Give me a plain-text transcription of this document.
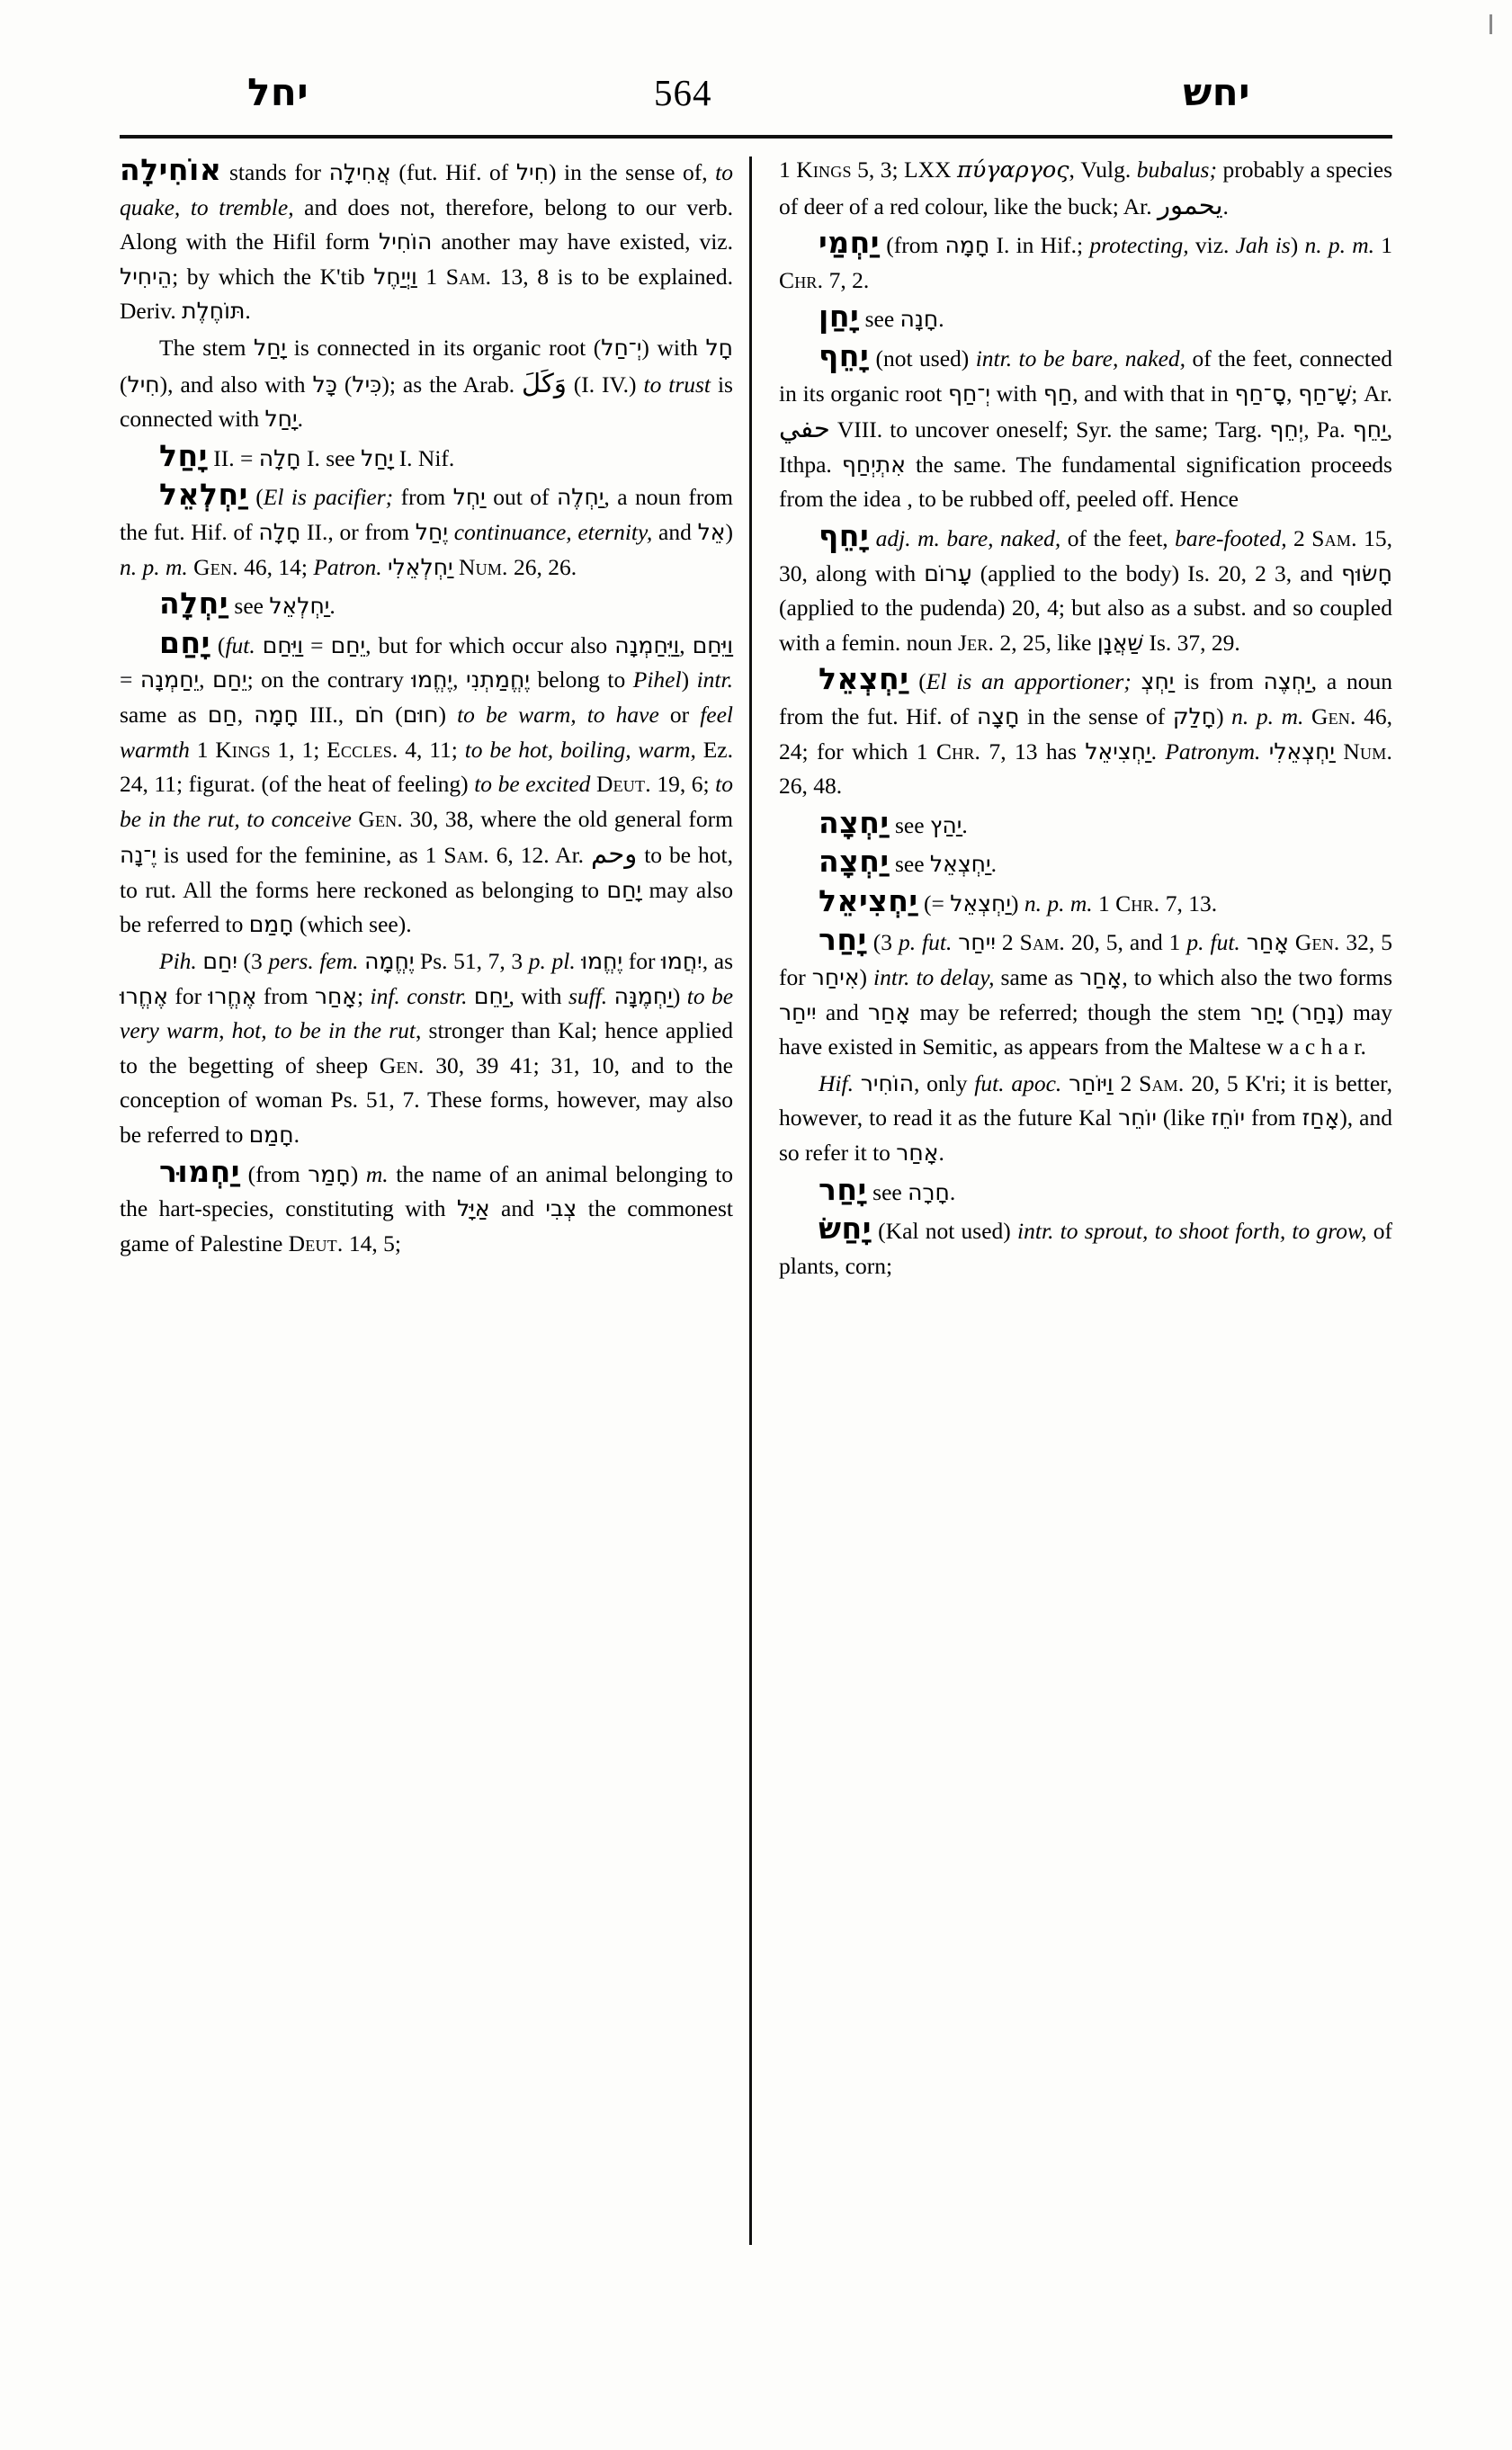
יחל	564	יחש

אוֹחִילָה stands for אֲחִילָה (fut. Hif. of חִיל) in the sense of, to quake, to tremble, and does not, therefore, belong to our verb. Along with the Hifil form הוֹחִיל another may have existed, viz. הֵיחִיל; by which the K'tib וַיְיַחֶל 1 Sam. 13, 8 is to be explained. Deriv. תּוֹחֶלֶת.

The stem יָחַל is connected in its organic root (יְ־חַל) with חָל (חִיל), and also with כָּל (כִּיל); as the Arab. وَكَلَ (I. IV.) to trust is connected with יָחַל.

יָחַל II. = חָלָה I. see יָחַל I. Nif.

יַחְלְאֵל (El is pacifier; from יַחְל out of יַחְלֶה, a noun from the fut. Hif. of חָלָה II., or from יֶחַל continuance, eternity, and אֵל) n. p. m. Gen. 46, 14; Patron. יַחְלְאֵלִי Num. 26, 26.

יַחְלָה see יַחְלְאֵל.

יָחַם (fut. וַיֵּחַם = יֵחַם, but for which occur also וַיֵּחַמְנָה, וַיֵּחַם = יֵחַמְנָה, יֵחַם; on the contrary יֶחֱמוּ, יֶחֱמַתְנִי belong to Pihel) intr. same as חַם, חָמָה III., חֹם (חוּם) to be warm, to have or feel warmth 1 Kings 1, 1; Eccles. 4, 11; to be hot, boiling, warm, Ez. 24, 11; figurat. (of the heat of feeling) to be excited Deut. 19, 6; to be in the rut, to conceive Gen. 30, 38, where the old general form יֶ־נָה is used for the feminine, as 1 Sam. 6, 12. Ar. وحم to be hot, to rut. All the forms here reckoned as belonging to יָחַם may also be referred to חָמַם (which see).

Pih. יִחַם (3 pers. fem. יֶחֱמָה Ps. 51, 7, 3 p. pl. יֶחֱמוּ for יִחֲמוּ, as אֶחֱרוּ for אֶחֱרוּ from אָחַר; inf. constr. יַחֵם, with suff. יַחְמֶנָּה) to be very warm, hot, to be in the rut, stronger than Kal; hence applied to the begetting of sheep Gen. 30, 39 41; 31, 10, and to the conception of woman Ps. 51, 7. These forms, however, may also be referred to חָמַם.

יַחְמוּר (from חָמַר) m. the name of an animal belonging to the hart-species, constituting with אַיָּל and צְבִי the commonest game of Palestine Deut. 14, 5;

1 Kings 5, 3; LXX πύγαργος, Vulg. bubalus; probably a species of deer of a red colour, like the buck; Ar. يحمور.

יַחְמַי (from חָמָה I. in Hif.; protecting, viz. Jah is) n. p. m. 1 Chr. 7, 2.

יָחַן see חָנָה.

יָחֵף (not used) intr. to be bare, naked, of the feet, connected in its organic root יְ־חַף with חַף, and with that in סָ־חַף, שָׁ־חַף; Ar. حفي VIII. to uncover oneself; Syr. the same; Targ. יְחֵף, Pa. יַחֵף, Ithpa. אִתְיְחַף the same. The fundamental signification proceeds from the idea , to be rubbed off, peeled off. Hence

יָחֵף adj. m. bare, naked, of the feet, bare-footed, 2 Sam. 15, 30, along with עָרוֹם (applied to the body) Is. 20, 2 3, and חָשׂוּף (applied to the pudenda) 20, 4; but also as a subst. and so coupled with a femin. noun Jer. 2, 25, like שַׁאֲנָן Is. 37, 29.

יַחְצְאֵל (El is an apportioner; יַחְצְ is from יַחְצֶה, a noun from the fut. Hif. of חָצָה in the sense of חָלַק) n. p. m. Gen. 46, 24; for which 1 Chr. 7, 13 has יַחְצִיאֵל. Patronym. יַחְצְאֵלִי Num. 26, 48.

יַחְצָה see יַהַץ.

יַחְצָה see יַחְצְאֵל.

יַחְצִיאֵל (= יַחְצְאֵל) n. p. m. 1 Chr. 7, 13.

יָחַר (3 p. fut. יִיחַר 2 Sam. 20, 5, and 1 p. fut. אָחַר Gen. 32, 5 for אִיחַר) intr. to delay, same as אָחַר, to which also the two forms יִיחַר and אָחַר may be referred; though the stem יָחַר (נָחַר) may have existed in Semitic, as appears from the Maltese w a c h a r.

Hif. הוֹחִיר, only fut. apoc. וַיּוֹחַר 2 Sam. 20, 5 K'ri; it is better, however, to read it as the future Kal יוֹחֵר (like יוֹחֵז from אָחַז), and so refer it to אָחַר.

יָחַר see חָרָה.

יָחַשׂ (Kal not used) intr. to sprout, to shoot forth, to grow, of plants, corn;
